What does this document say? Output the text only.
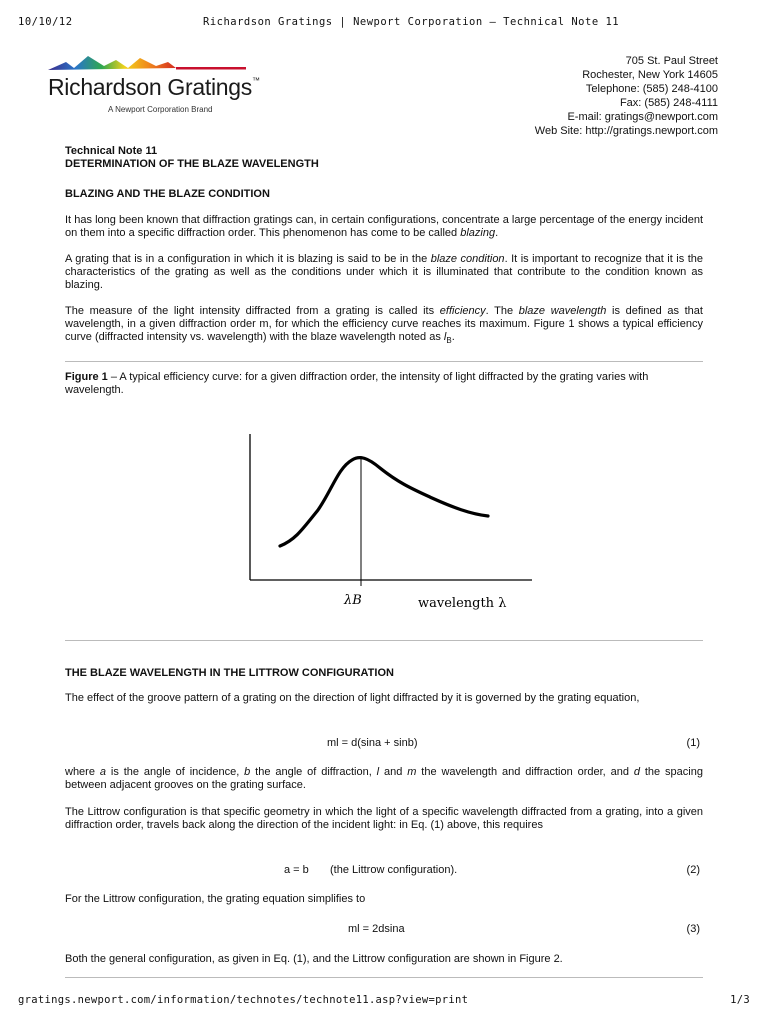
10/10/12	Richardson Gratings | Newport Corporation – Technical Note 11
Richardson Gratings™
A Newport Corporation Brand
705 St. Paul Street
Rochester, New York 14605
Telephone: (585) 248-4100
Fax: (585) 248-4111
E-mail: gratings@newport.com
Web Site: http://gratings.newport.com
Technical Note 11
DETERMINATION OF THE BLAZE WAVELENGTH
BLAZING AND THE BLAZE CONDITION

It has long been known that diffraction gratings can, in certain configurations, concentrate a large percentage of the energy incident on them into a specific diffraction order. This phenomenon has come to be called blazing.

A grating that is in a configuration in which it is blazing is said to be in the blaze condition. It is important to recognize that it is the characteristics of the grating as well as the conditions under which it is illuminated that contribute to the condition known as blazing.

The measure of the light intensity diffracted from a grating is called its efficiency. The blaze wavelength is defined as that wavelength, in a given diffraction order m, for which the efficiency curve reaches its maximum. Figure 1 shows a typical efficiency curve (diffracted intensity vs. wavelength) with the blaze wavelength noted as $l_B$.

Figure 1 – A typical efficiency curve: for a given diffraction order, the intensity of light diffracted by the grating varies with wavelength.

λB	wavelength λ
THE BLAZE WAVELENGTH IN THE LITTROW CONFIGURATION

The effect of the groove pattern of a grating on the direction of light diffracted by it is governed by the grating equation,

ml = d(sina + sinb)	(1)

where a is the angle of incidence, b the angle of diffraction, l and m the wavelength and diffraction order, and d the spacing between adjacent grooves on the grating surface.

The Littrow configuration is that specific geometry in which the light of a specific wavelength diffracted from a grating, into a given diffraction order, travels back along the direction of the incident light: in Eq. (1) above, this requires

a = b (the Littrow configuration).	(2)

For the Littrow configuration, the grating equation simplifies to

ml = 2dsina	(3)

Both the general configuration, as given in Eq. (1), and the Littrow configuration are shown in Figure 2.

gratings.newport.com/information/technotes/technote11.asp?view=print	1/3
